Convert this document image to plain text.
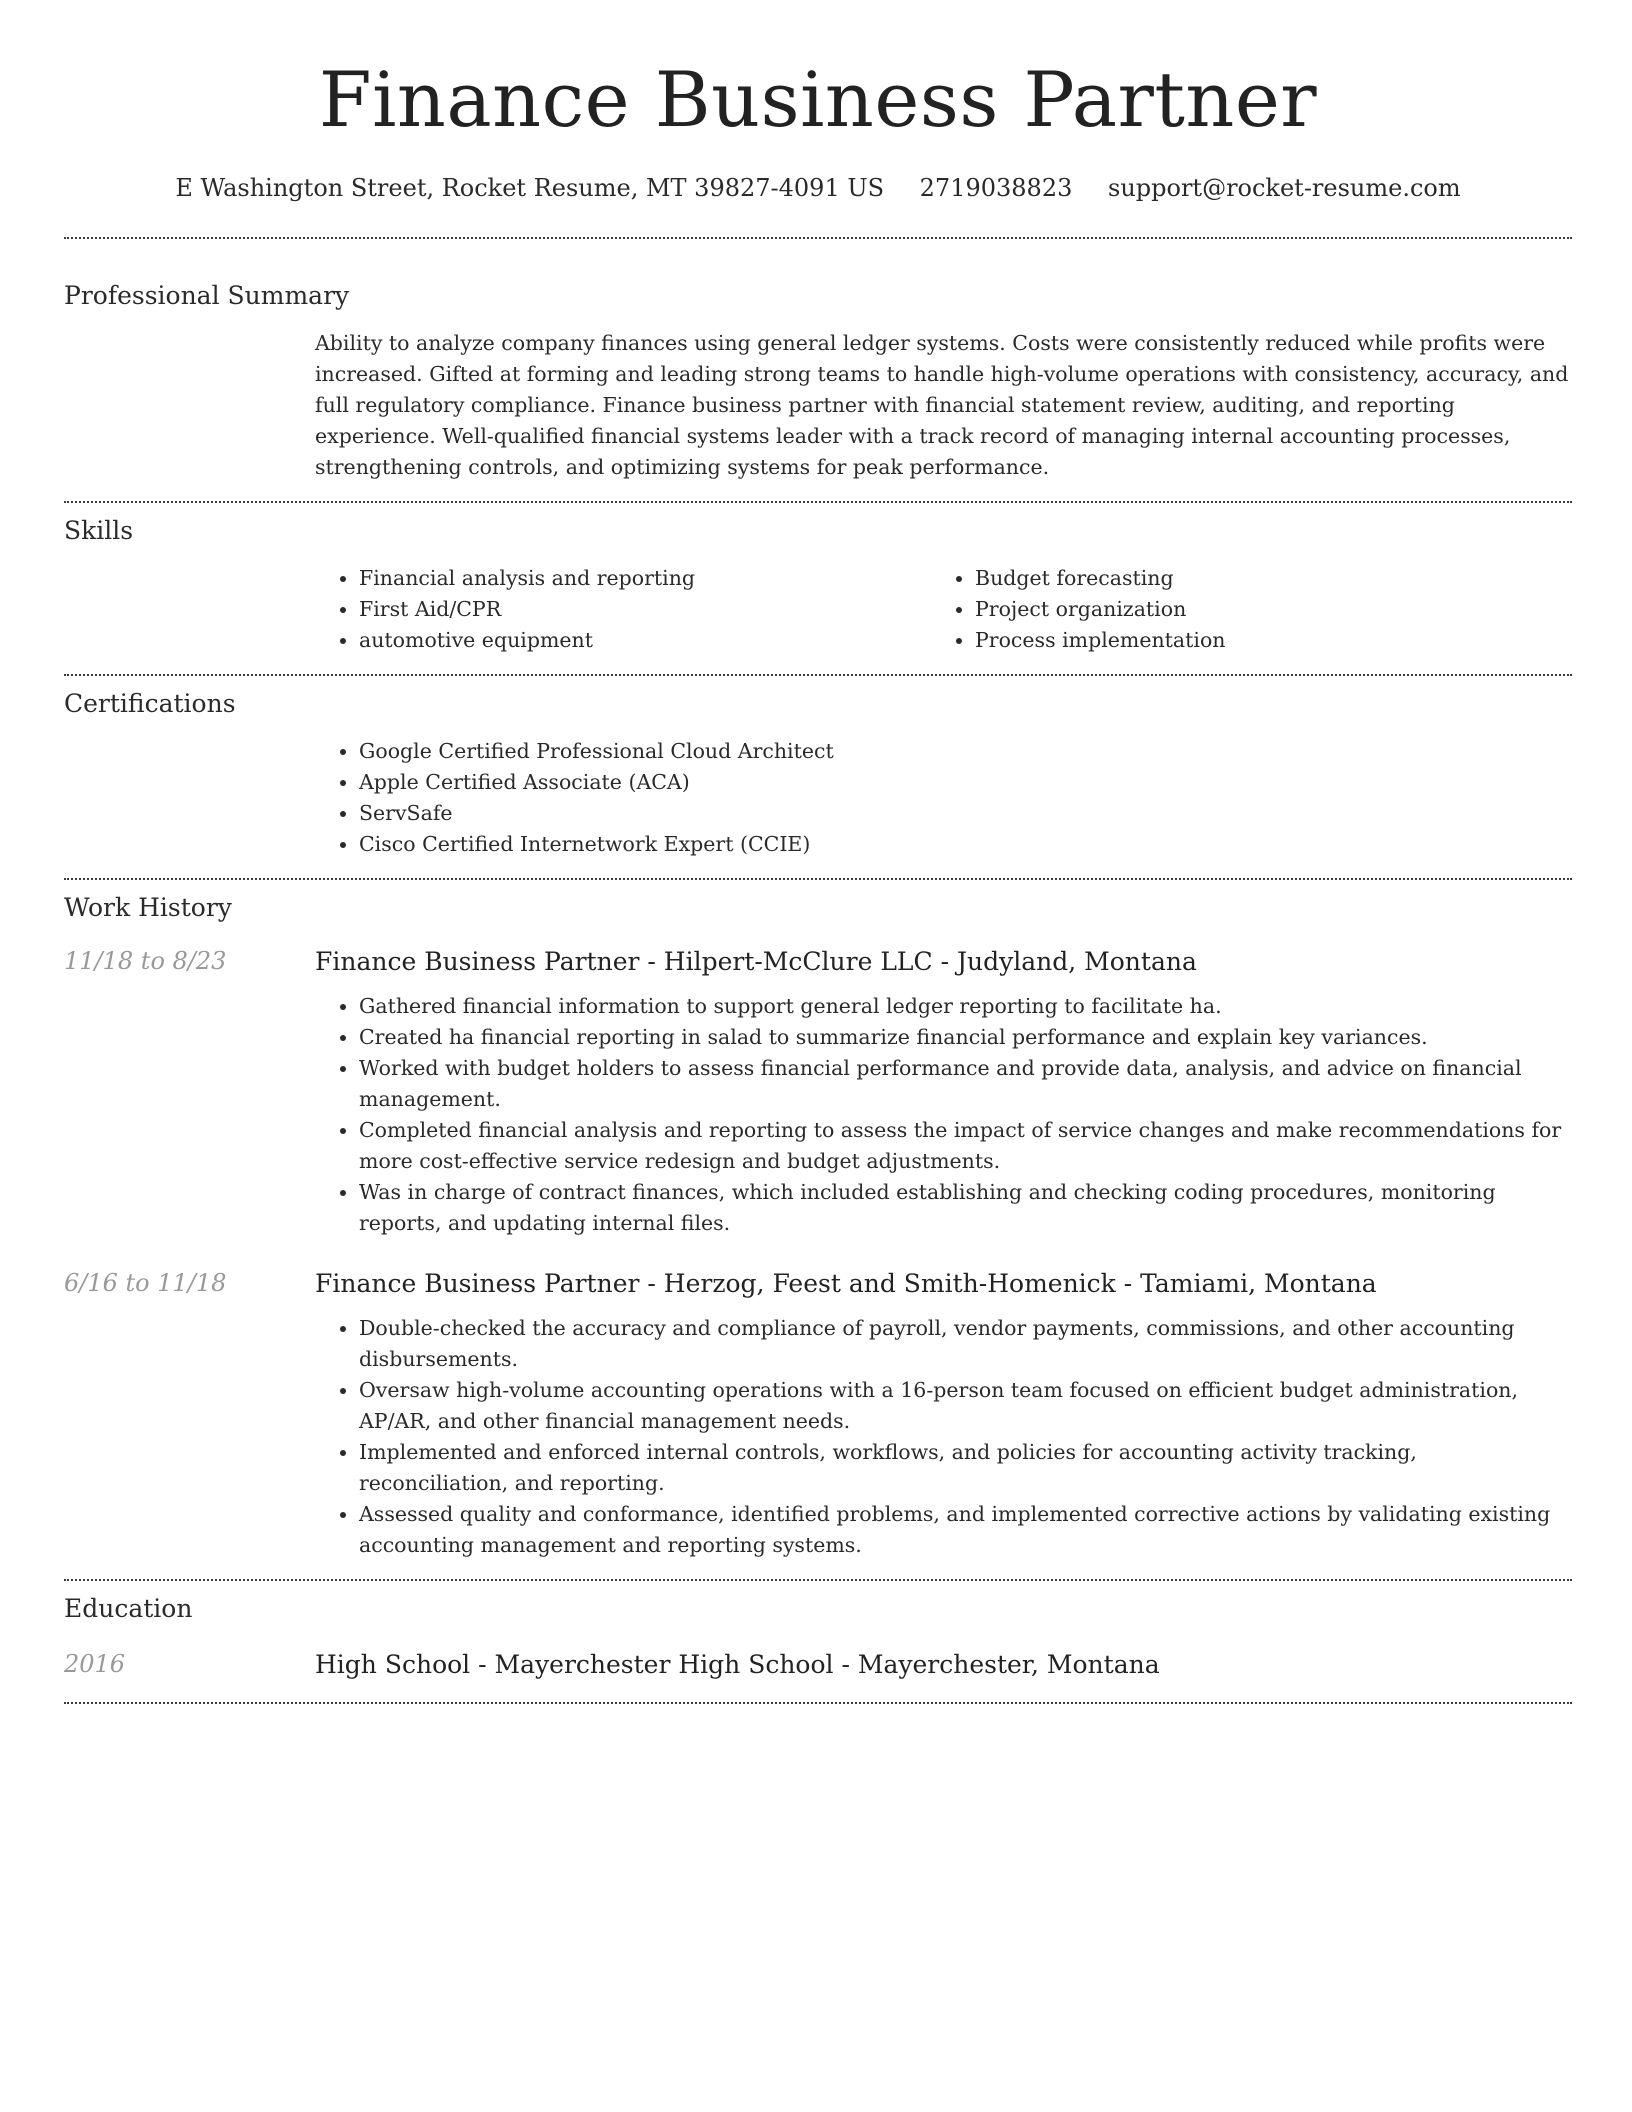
Finance Business Partner
E Washington Street, Rocket Resume, MT 39827-4091 US 2719038823 support@rocket-resume.com
Professional Summary

Ability to analyze company finances using general ledger systems. Costs were consistently reduced while profits were increased. Gifted at forming and leading strong teams to handle high-volume operations with consistency, accuracy, and full regulatory compliance. Finance business partner with financial statement review, auditing, and reporting experience. Well-qualified financial systems leader with a track record of managing internal accounting processes, strengthening controls, and optimizing systems for peak performance.

Skills
• Financial analysis and reporting
• First Aid/CPR
• automotive equipment
• Budget forecasting
• Project organization
• Process implementation
Certifications
• Google Certified Professional Cloud Architect
• Apple Certified Associate (ACA)
• ServSafe
• Cisco Certified Internetwork Expert (CCIE)
Work History
11/18 to 8/23	Finance Business Partner - Hilpert-McClure LLC - Judyland, Montana
• Gathered financial information to support general ledger reporting to facilitate ha.
• Created ha financial reporting in salad to summarize financial performance and explain key variances.
• Worked with budget holders to assess financial performance and provide data, analysis, and advice on financial management.
• Completed financial analysis and reporting to assess the impact of service changes and make recommendations for more cost-effective service redesign and budget adjustments.
• Was in charge of contract finances, which included establishing and checking coding procedures, monitoring reports, and updating internal files.
6/16 to 11/18	Finance Business Partner - Herzog, Feest and Smith-Homenick - Tamiami, Montana
• Double-checked the accuracy and compliance of payroll, vendor payments, commissions, and other accounting disbursements.
• Oversaw high-volume accounting operations with a 16-person team focused on efficient budget administration, AP/AR, and other financial management needs.
• Implemented and enforced internal controls, workflows, and policies for accounting activity tracking, reconciliation, and reporting.
• Assessed quality and conformance, identified problems, and implemented corrective actions by validating existing accounting management and reporting systems.
Education
2016	High School - Mayerchester High School - Mayerchester, Montana
